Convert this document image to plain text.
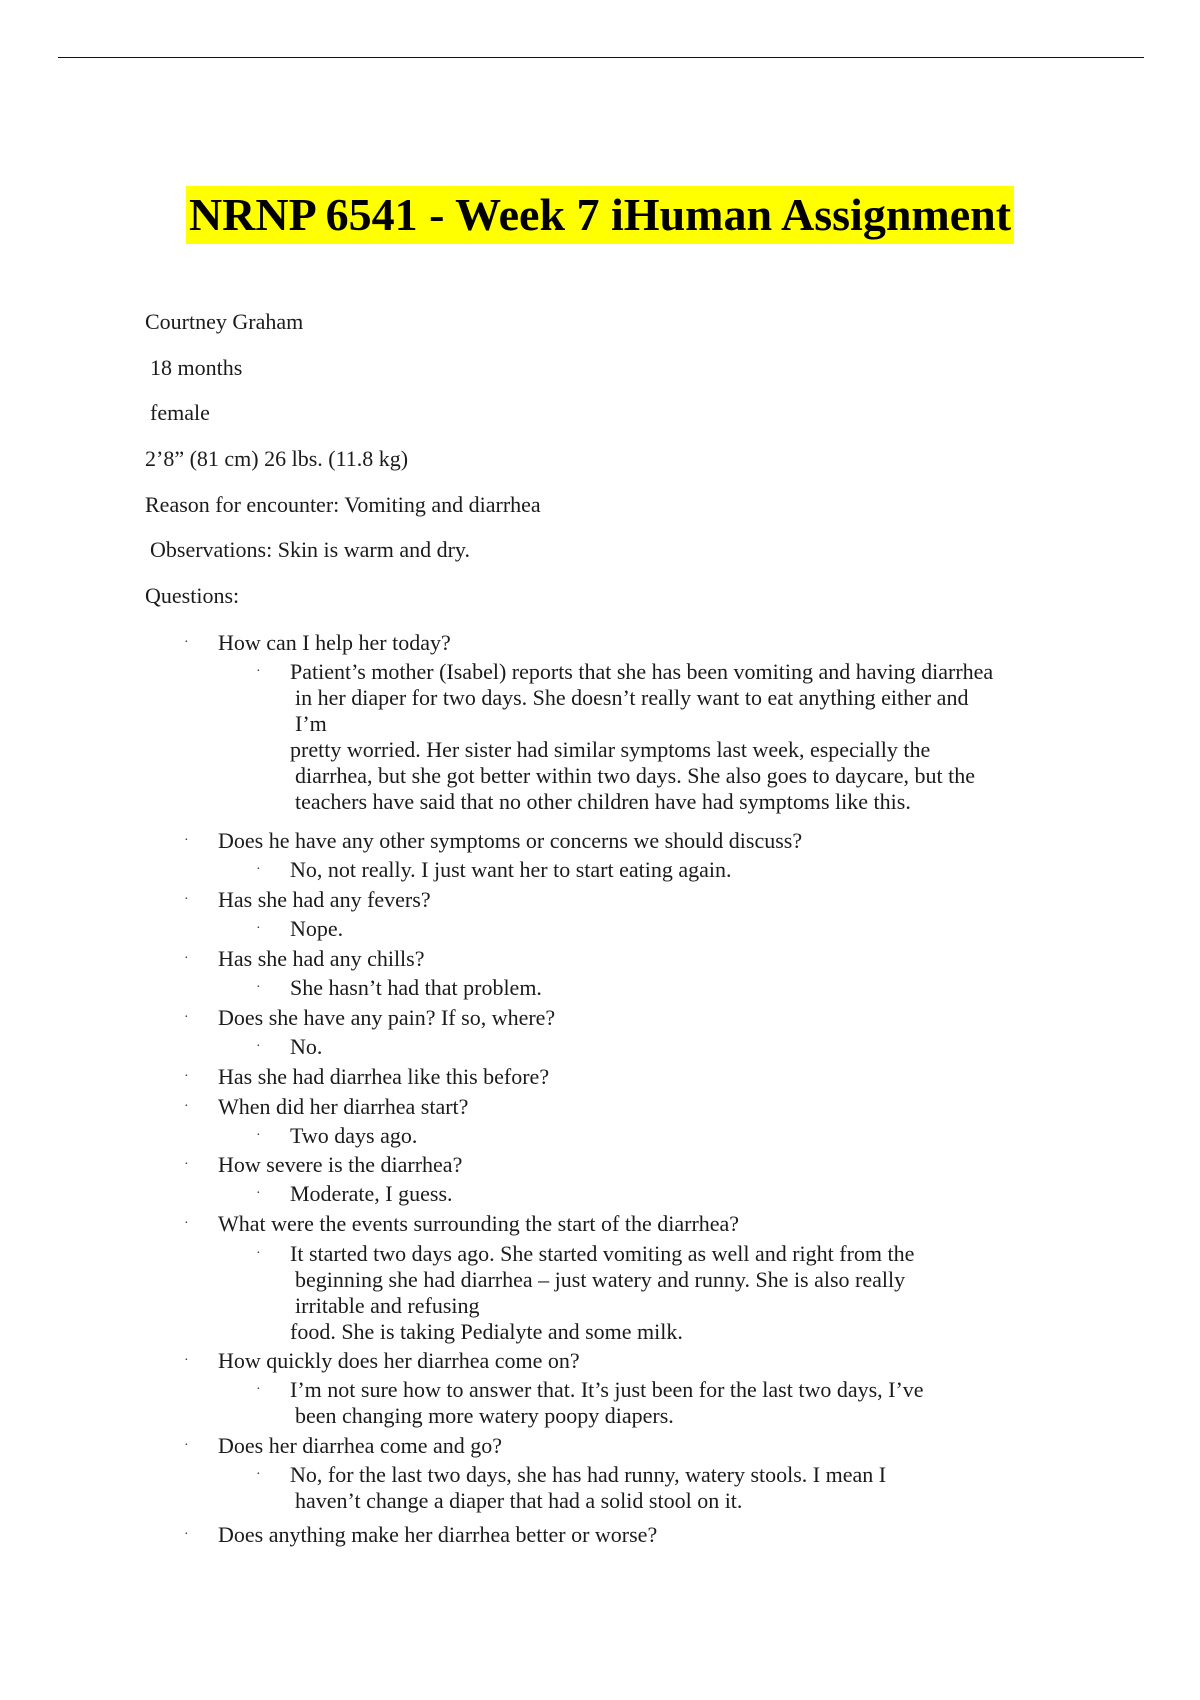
NRNP 6541 - Week 7 iHuman Assignment
Courtney Graham
18 months
female
2’8” (81 cm) 26 lbs. (11.8 kg)
Reason for encounter: Vomiting and diarrhea
Observations: Skin is warm and dry.
Questions:
· How can I help her today?
· Patient’s mother (Isabel) reports that she has been vomiting and having diarrhea
in her diaper for two days. She doesn’t really want to eat anything either and
I’m
pretty worried. Her sister had similar symptoms last week, especially the
diarrhea, but she got better within two days. She also goes to daycare, but the
teachers have said that no other children have had symptoms like this.
· Does he have any other symptoms or concerns we should discuss?
· No, not really. I just want her to start eating again.
· Has she had any fevers?
· Nope.
· Has she had any chills?
· She hasn’t had that problem.
· Does she have any pain? If so, where?
· No.
· Has she had diarrhea like this before?
· When did her diarrhea start?
· Two days ago.
· How severe is the diarrhea?
· Moderate, I guess.
· What were the events surrounding the start of the diarrhea?
· It started two days ago. She started vomiting as well and right from the
beginning she had diarrhea – just watery and runny. She is also really
irritable and refusing
food. She is taking Pedialyte and some milk.
· How quickly does her diarrhea come on?
· I’m not sure how to answer that. It’s just been for the last two days, I’ve
been changing more watery poopy diapers.
· Does her diarrhea come and go?
· No, for the last two days, she has had runny, watery stools. I mean I
haven’t change a diaper that had a solid stool on it.
· Does anything make her diarrhea better or worse?
